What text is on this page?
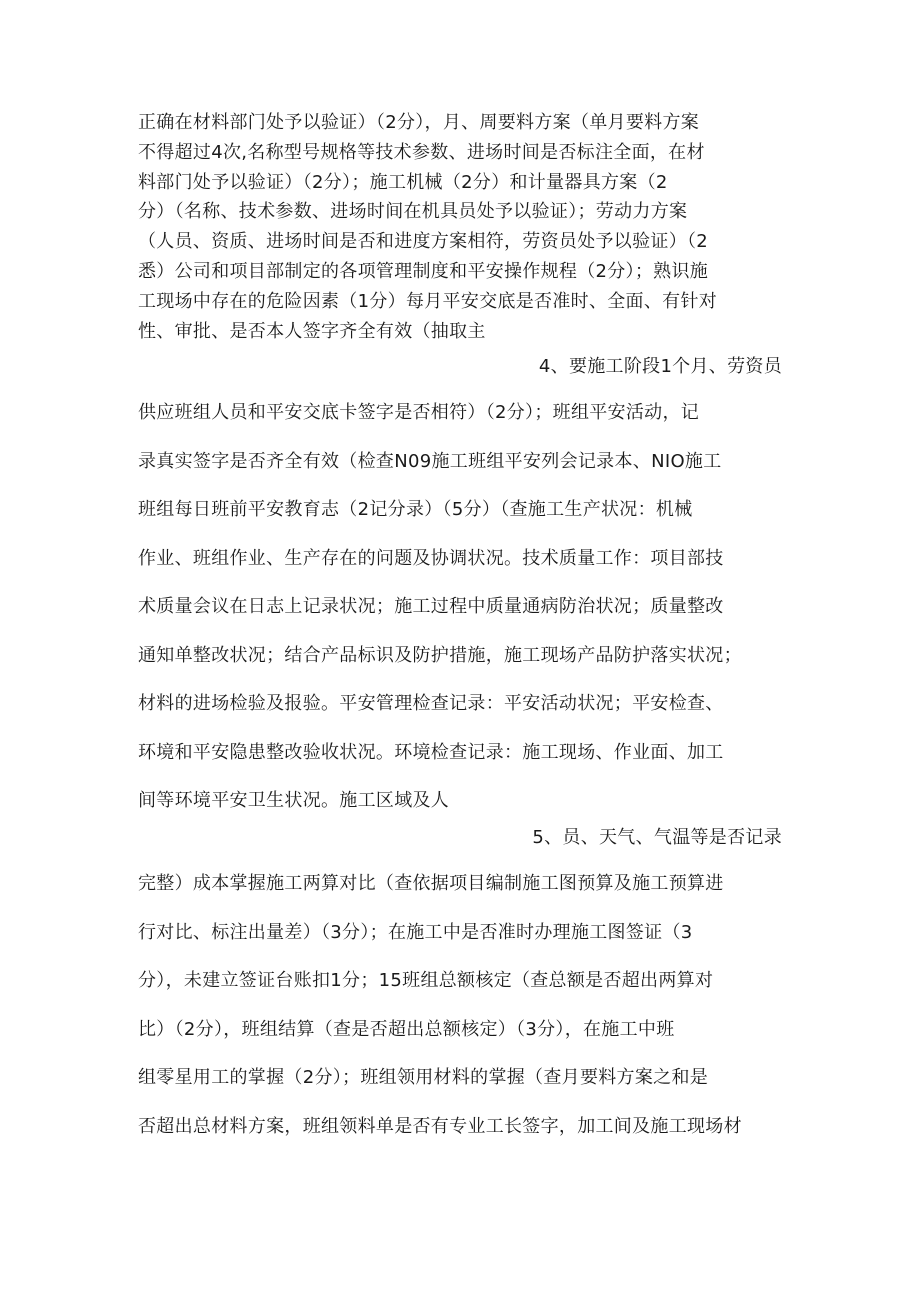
正确在材料部门处予以验证）（2分），月、周要料方案（单月要料方案
不得超过4次,名称型号规格等技术参数、进场时间是否标注全面，在材
料部门处予以验证）（2分）；施工机械（2分）和计量器具方案（2
分）（名称、技术参数、进场时间在机具员处予以验证）；劳动力方案
（人员、资质、进场时间是否和进度方案相符，劳资员处予以验证）（2
悉）公司和项目部制定的各项管理制度和平安操作规程（2分）；熟识施
工现场中存在的危险因素（1分）每月平安交底是否准时、全面、有针对
性、审批、是否本人签字齐全有效（抽取主

4、要施工阶段1个月、劳资员

供应班组人员和平安交底卡签字是否相符）（2分）；班组平安活动，记
录真实签字是否齐全有效（检查N09施工班组平安列会记录本、NIO施工
班组每日班前平安教育志（2记分录）（5分）（查施工生产状况：机械
作业、班组作业、生产存在的问题及协调状况。技术质量工作：项目部技
术质量会议在日志上记录状况；施工过程中质量通病防治状况；质量整改
通知单整改状况；结合产品标识及防护措施，施工现场产品防护落实状况；
材料的进场检验及报验。平安管理检查记录：平安活动状况；平安检查、
环境和平安隐患整改验收状况。环境检查记录：施工现场、作业面、加工
间等环境平安卫生状况。施工区域及人

5、员、天气、气温等是否记录

完整）成本掌握施工两算对比（查依据项目编制施工图预算及施工预算进
行对比、标注出量差）（3分）；在施工中是否准时办理施工图签证（3
分），未建立签证台账扣1分；15班组总额核定（查总额是否超出两算对
比）（2分），班组结算（查是否超出总额核定）（3分），在施工中班
组零星用工的掌握（2分）；班组领用材料的掌握（查月要料方案之和是
否超出总材料方案，班组领料单是否有专业工长签字，加工间及施工现场材
